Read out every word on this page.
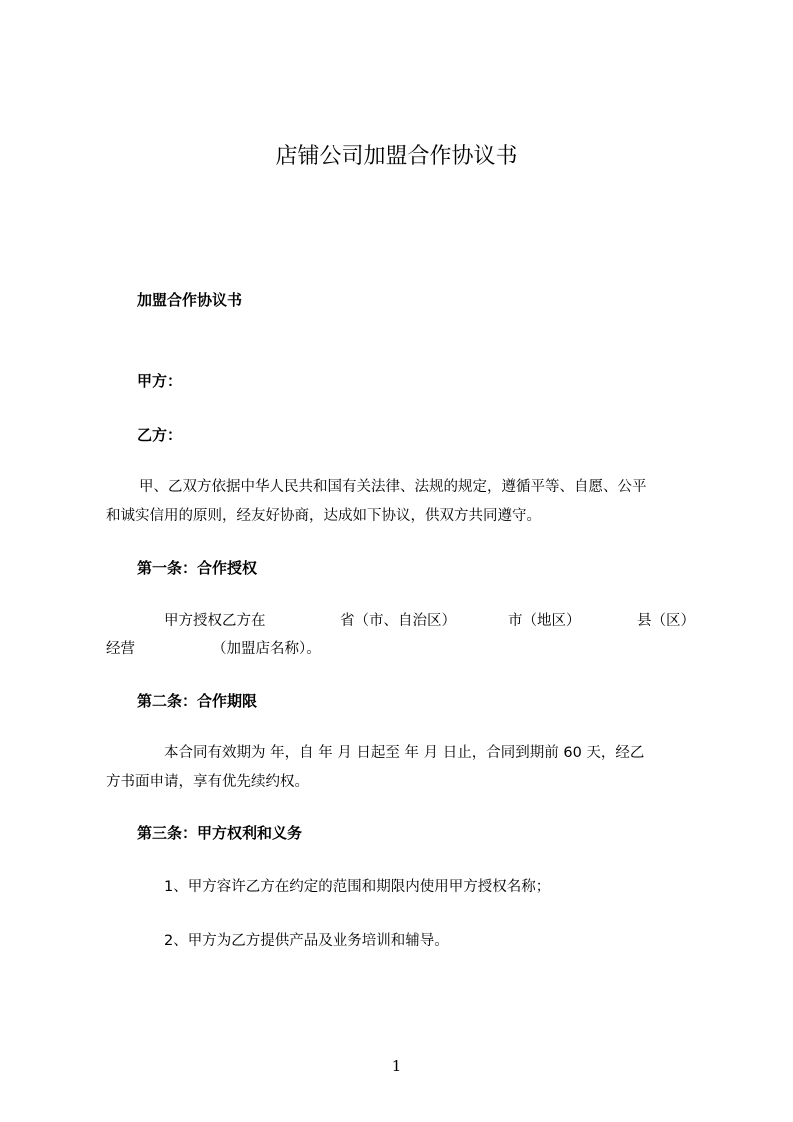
店铺公司加盟合作协议书
加盟合作协议书
甲方：
乙方：
甲、乙双方依据中华人民共和国有关法律、法规的规定，遵循平等、自愿、公平
和诚实信用的原则，经友好协商，达成如下协议，供双方共同遵守。
第一条：合作授权
甲方授权乙方在	省（市、自治区）	市（地区）	县（区）
经营	（加盟店名称）。
第二条：合作期限
本合同有效期为 年，自 年 月 日起至 年 月 日止，合同到期前 60 天，经乙
方书面申请，享有优先续约权。
第三条：甲方权利和义务
1、甲方容许乙方在约定的范围和期限内使用甲方授权名称；
2、甲方为乙方提供产品及业务培训和辅导。
1
